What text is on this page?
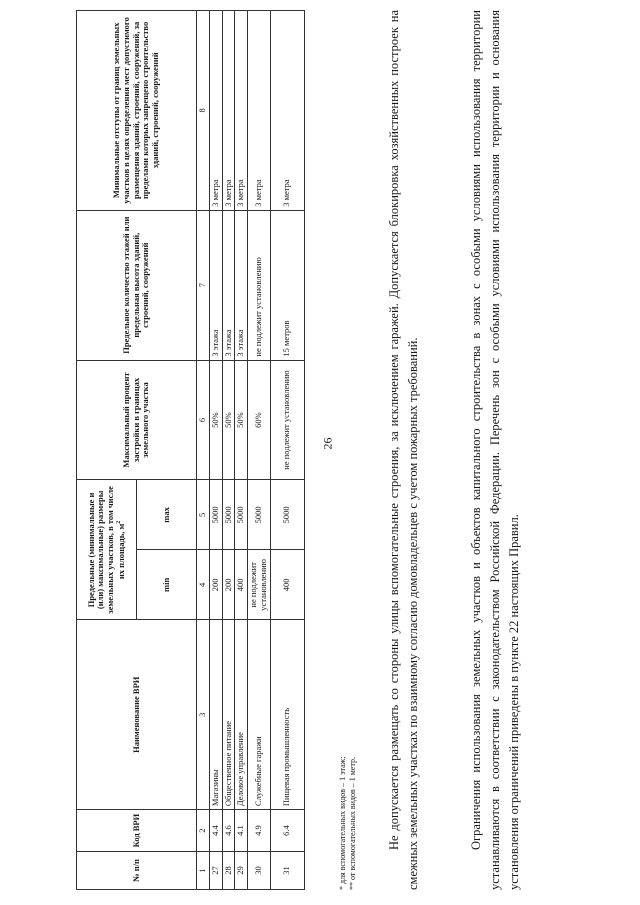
26
№ п/п	Код ВРИ	Наименование ВРИ	Предельные (минимальные и (или) максимальные) размеры земельных участков, в том числе их площадь, $м^2$		Максимальный процент застройки в границах земельного участка	Предельное количество этажей или предельная высота зданий, строений, сооружений	Минимальные отступы от границ земельных участков в целях определения мест допустимого размещения зданий, строений, сооружений, за пределами которых запрещено строительство зданий, строений, сооружений
			min	max			
1	2	3	4	5	6	7	8
27	4.4	Магазины	200	5000	50%	3 этажа	3 метра
28	4.6	Общественное питание	200	5000	50%	3 этажа	3 метра
29	4.1	Деловое управление	400	5000	50%	3 этажа	3 метра
30	4.9	Служебные гаражи	не подлежит установлению	5000	60%	не подлежит установлению	3 метра
31	6.4	Пищевая промышленность	400	5000	не подлежит установлению	15 метров	3 метра
* для вспомогательных видов – 1 этаж; ** от вспомогательных видов – 1 метр. Не допускается размещать со стороны улицы вспомогательные строения, за исключением гаражей. Допускается блокировка хозяйственных построек на смежных земельных участках по взаимному согласию домовладельцев с учетом пожарных требований.	Ограничения использования земельных участков и объектов капитального строительства в зонах с особыми условиями использования территории устанавливаются в соответствии с законодательством Российской Федерации. Перечень зон с особыми условиями использования территории и основания установления ограничений приведены в пункте 22 настоящих Правил.
